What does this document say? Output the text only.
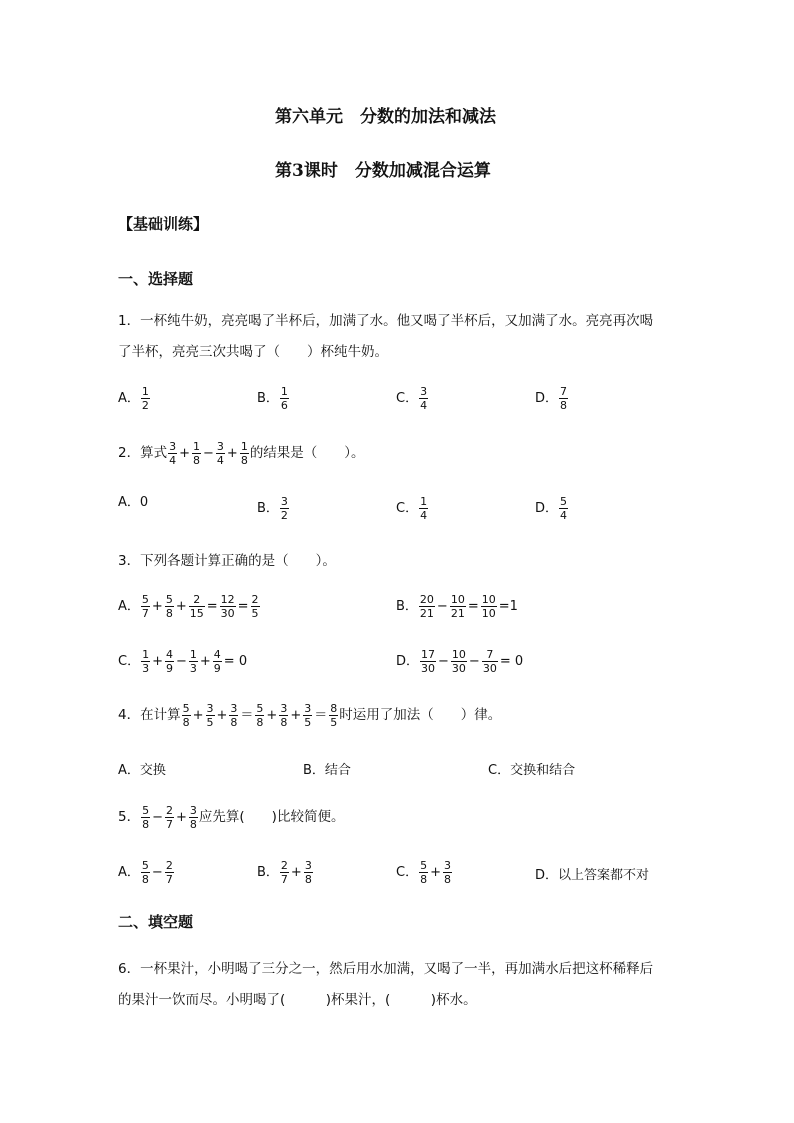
第六单元　分数的加法和减法
第3课时　分数加减混合运算
【基础训练】
一、选择题
1．一杯纯牛奶，亮亮喝了半杯后，加满了水。他又喝了半杯后，又加满了水。亮亮再次喝
了半杯，亮亮三次共喝了（　　）杯纯牛奶。
A． $\frac{1}{2}$	B． $\frac{1}{6}$	C． $\frac{3}{4}$	D． $\frac{7}{8}$
2．算式 $\frac{3}{4} + \frac{1}{8} - \frac{3}{4} + \frac{1}{8}$ 的结果是（　　）。
A．0	B． $\frac{3}{2}$	C． $\frac{1}{4}$	D． $\frac{5}{4}$
3．下列各题计算正确的是（　　）。
A． $\frac{5}{7} + \frac{5}{8} + \frac{2}{15} = \frac{12}{30} = \frac{2}{5}$	B． $\frac{20}{21} - \frac{10}{21} = \frac{10}{10} =1$
C． $\frac{1}{3} + \frac{4}{9} - \frac{1}{3} + \frac{4}{9} = 0$	D． $\frac{17}{30} - \frac{10}{30} - \frac{7}{30} = 0$
4．在计算 $\frac{5}{8} + \frac{3}{5} + \frac{3}{8} = \frac{5}{8} + \frac{3}{8} + \frac{3}{5} = \frac{8}{5}$ 时运用了加法（　　）律。
A．交换	B．结合	C．交换和结合
5． $\frac{5}{8} - \frac{2}{7} + \frac{3}{8}$ 应先算(　　)比较简便。
A． $\frac{5}{8} - \frac{2}{7}$	B． $\frac{2}{7} + \frac{3}{8}$	C． $\frac{5}{8} + \frac{3}{8}$	D．以上答案都不对
二、填空题
6．一杯果汁，小明喝了三分之一，然后用水加满，又喝了一半，再加满水后把这杯稀释后
的果汁一饮而尽。小明喝了(　　　)杯果汁，(　　　)杯水。
